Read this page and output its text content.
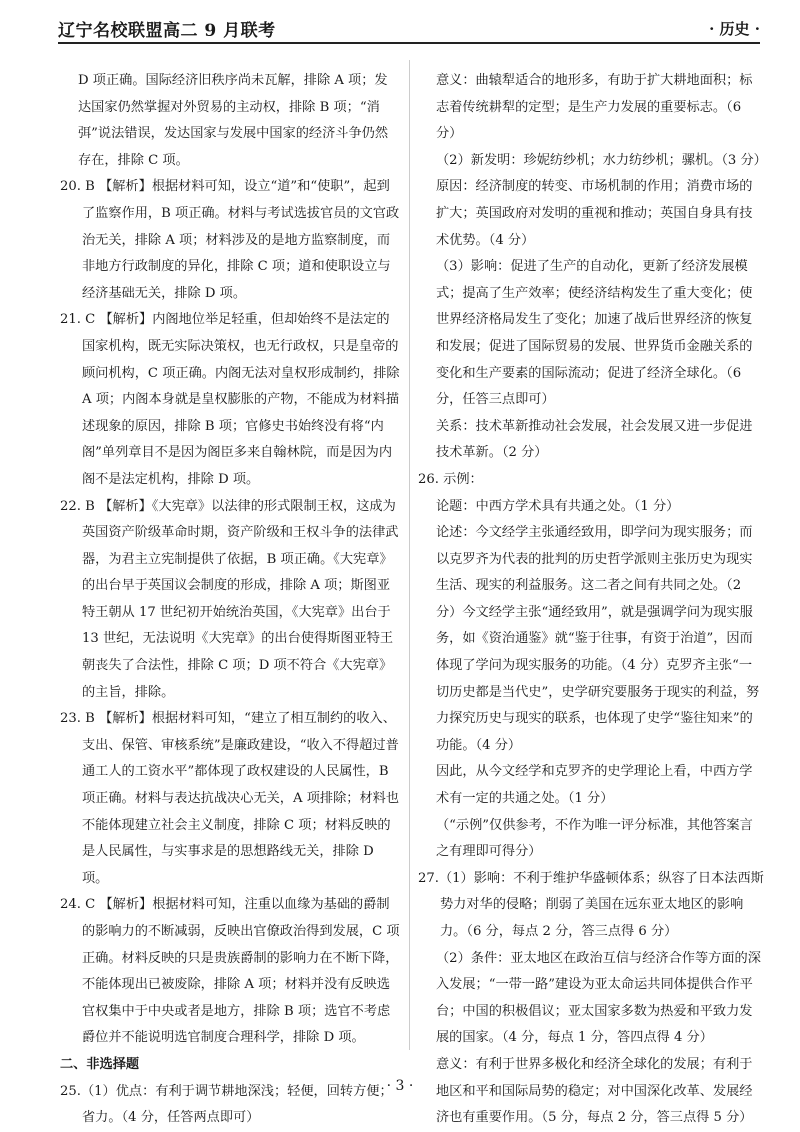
辽宁名校联盟高二 9 月联考	· 历史 ·

D 项正确。国际经济旧秩序尚未瓦解，排除 A 项；发达国家仍然掌握对外贸易的主动权，排除 B 项；“消弭”说法错误，发达国家与发展中国家的经济斗争仍然存在，排除 C 项。

20. B 【解析】根据材料可知，设立“道”和“使职”，起到了监察作用，B 项正确。材料与考试选拔官员的文官政治无关，排除 A 项；材料涉及的是地方监察制度，而非地方行政制度的异化，排除 C 项；道和使职设立与经济基础无关，排除 D 项。

21. C 【解析】内阁地位举足轻重，但却始终不是法定的国家机构，既无实际决策权，也无行政权，只是皇帝的顾问机构，C 项正确。内阁无法对皇权形成制约，排除 A 项；内阁本身就是皇权膨胀的产物，不能成为材料描述现象的原因，排除 B 项；官修史书始终没有将“内阁”单列章目不是因为阁臣多来自翰林院，而是因为内阁不是法定机构，排除 D 项。

22. B 【解析】《大宪章》以法律的形式限制王权，这成为英国资产阶级革命时期，资产阶级和王权斗争的法律武器，为君主立宪制提供了依据，B 项正确。《大宪章》的出台早于英国议会制度的形成，排除 A 项；斯图亚特王朝从 17 世纪初开始统治英国，《大宪章》出台于 13 世纪，无法说明《大宪章》的出台使得斯图亚特王朝丧失了合法性，排除 C 项；D 项不符合《大宪章》的主旨，排除。

23. B 【解析】根据材料可知，“建立了相互制约的收入、支出、保管、审核系统”是廉政建设，“收入不得超过普通工人的工资水平”都体现了政权建设的人民属性，B 项正确。材料与表达抗战决心无关，A 项排除；材料也不能体现建立社会主义制度，排除 C 项；材料反映的是人民属性，与实事求是的思想路线无关，排除 D 项。

24. C 【解析】根据材料可知，注重以血缘为基础的爵制的影响力的不断减弱，反映出官僚政治得到发展，C 项正确。材料反映的只是贵族爵制的影响力在不断下降，不能体现出已被废除，排除 A 项；材料并没有反映选官权集中于中央或者是地方，排除 B 项；选官不考虑爵位并不能说明选官制度合理科学，排除 D 项。

二、非选择题

25.（1）优点：有利于调节耕地深浅；轻便，回转方便；省力。（4 分，任答两点即可）

意义：曲辕犁适合的地形多，有助于扩大耕地面积；标志着传统耕犁的定型；是生产力发展的重要标志。（6 分）

（2）新发明：珍妮纺纱机；水力纺纱机；骡机。（3 分）

原因：经济制度的转变、市场机制的作用；消费市场的扩大；英国政府对发明的重视和推动；英国自身具有技术优势。（4 分）

（3）影响：促进了生产的自动化，更新了经济发展模式；提高了生产效率；使经济结构发生了重大变化；使世界经济格局发生了变化；加速了战后世界经济的恢复和发展；促进了国际贸易的发展、世界货币金融关系的变化和生产要素的国际流动；促进了经济全球化。（6 分，任答三点即可）

关系：技术革新推动社会发展，社会发展又进一步促进技术革新。（2 分）

26. 示例：

论题：中西方学术具有共通之处。（1 分）

论述：今文经学主张通经致用，即学问为现实服务；而以克罗齐为代表的批判的历史哲学派则主张历史为现实生活、现实的利益服务。这二者之间有共同之处。（2 分）今文经学主张“通经致用”，就是强调学问为现实服务，如《资治通鉴》就“鉴于往事，有资于治道”，因而体现了学问为现实服务的功能。（4 分）克罗齐主张“一切历史都是当代史”，史学研究要服务于现实的利益，努力探究历史与现实的联系，也体现了史学“鉴往知来”的功能。（4 分）

因此，从今文经学和克罗齐的史学理论上看，中西方学术有一定的共通之处。（1 分）

（“示例”仅供参考，不作为唯一评分标准，其他答案言之有理即可得分）

27.（1）影响：不利于维护华盛顿体系；纵容了日本法西斯势力对华的侵略；削弱了美国在远东亚太地区的影响力。（6 分，每点 2 分，答三点得 6 分）

（2）条件：亚太地区在政治互信与经济合作等方面的深入发展；“一带一路”建设为亚太命运共同体提供合作平台；中国的积极倡议；亚太国家多数为热爱和平致力发展的国家。（4 分，每点 1 分，答四点得 4 分）

意义：有利于世界多极化和经济全球化的发展；有利于地区和平和国际局势的稳定；对中国深化改革、发展经济也有重要作用。（5 分，每点 2 分，答三点得 5 分）

· 3 ·
